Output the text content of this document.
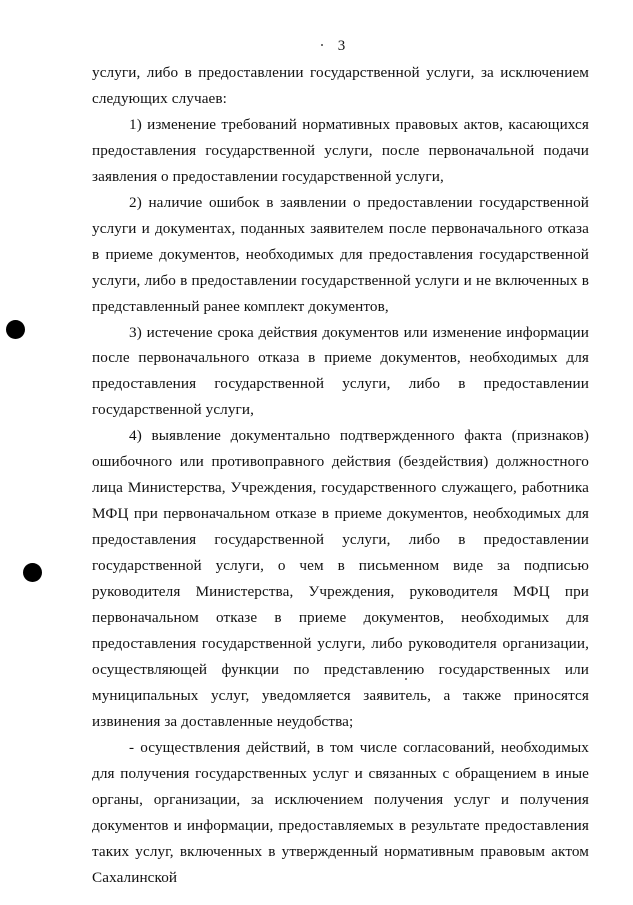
3

услуги, либо в предоставлении государственной услуги, за исключением следующих случаев:

1) изменение требований нормативных правовых актов, касающихся предоставления государственной услуги, после первоначальной подачи заявления о предоставлении государственной услуги,

2) наличие ошибок в заявлении о предоставлении государственной услуги и документах, поданных заявителем после первоначального отказа в приеме документов, необходимых для предоставления государственной услуги, либо в предоставлении государственной услуги и не включенных в представленный ранее комплект документов,

3) истечение срока действия документов или изменение информации после первоначального отказа в приеме документов, необходимых для предоставления государственной услуги, либо в предоставлении государственной услуги,

4) выявление документально подтвержденного факта (признаков) ошибочного или противоправного действия (бездействия) должностного лица Министерства, Учреждения, государственного служащего, работника МФЦ при первоначальном отказе в приеме документов, необходимых для предоставления государственной услуги, либо в предоставлении государственной услуги, о чем в письменном виде за подписью руководителя Министерства, Учреждения, руководителя МФЦ при первоначальном отказе в приеме документов, необходимых для предоставления государственной услуги, либо руководителя организации, осуществляющей функции по представлению государственных или муниципальных услуг, уведомляется заявитель, а также приносятся извинения за доставленные неудобства;

- осуществления действий, в том числе согласований, необходимых для получения государственных услуг и связанных с обращением в иные органы, организации, за исключением получения услуг и получения документов и информации, предоставляемых в результате предоставления таких услуг, включенных в утвержденный нормативным правовым актом Сахалинской
